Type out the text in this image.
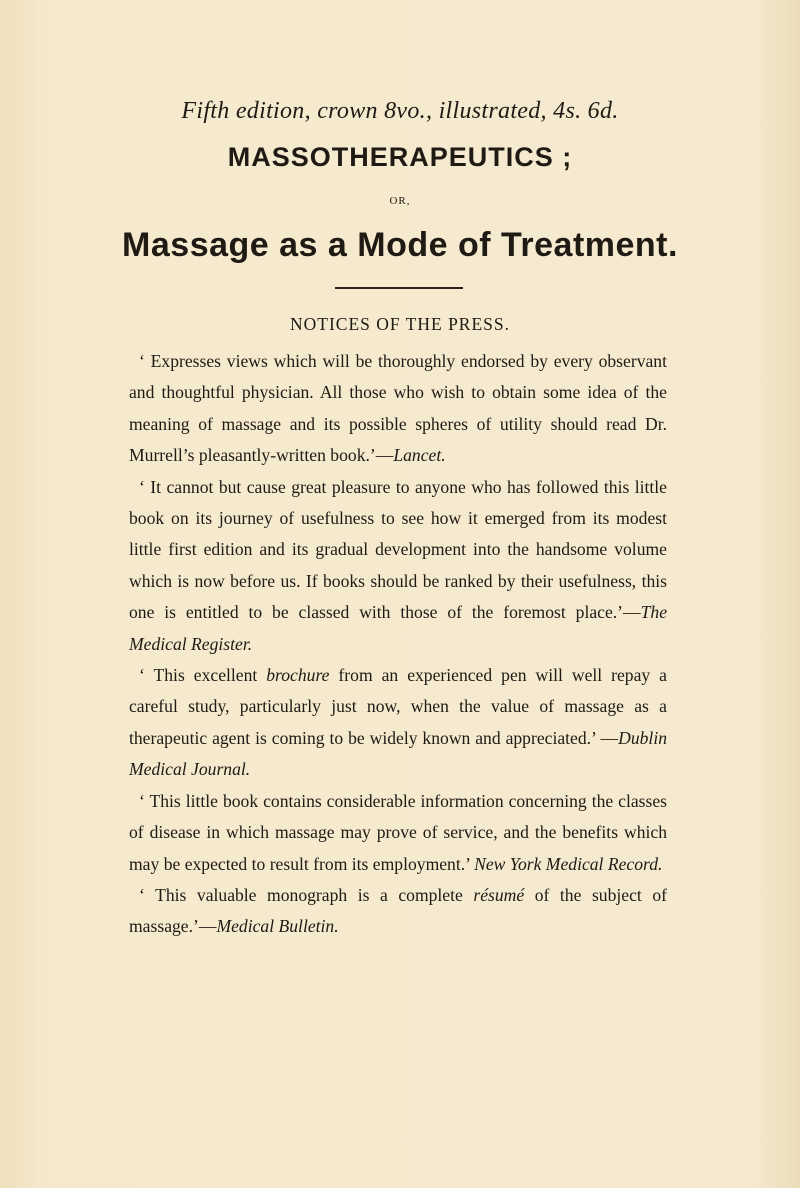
Fifth edition, crown 8vo., illustrated, 4s. 6d.
MASSOTHERAPEUTICS ;
OR,
Massage as a Mode of Treatment.
NOTICES OF THE PRESS.

‘ Expresses views which will be thoroughly endorsed by every observant and thoughtful physician. All those who wish to obtain some idea of the meaning of massage and its possible spheres of utility should read Dr. Murrell’s pleasantly-written book.’—Lancet.

‘ It cannot but cause great pleasure to anyone who has followed this little book on its journey of usefulness to see how it emerged from its modest little first edition and its gradual development into the handsome volume which is now before us. If books should be ranked by their usefulness, this one is entitled to be classed with those of the foremost place.’—The Medical Register.

‘ This excellent brochure from an experienced pen will well repay a careful study, particularly just now, when the value of massage as a therapeutic agent is coming to be widely known and appreciated.’ —Dublin Medical Journal.

‘ This little book contains considerable information concerning the classes of disease in which massage may prove of service, and the benefits which may be expected to result from its employment.’ New York Medical Record.

‘ This valuable monograph is a complete résumé of the subject of massage.’—Medical Bulletin.
